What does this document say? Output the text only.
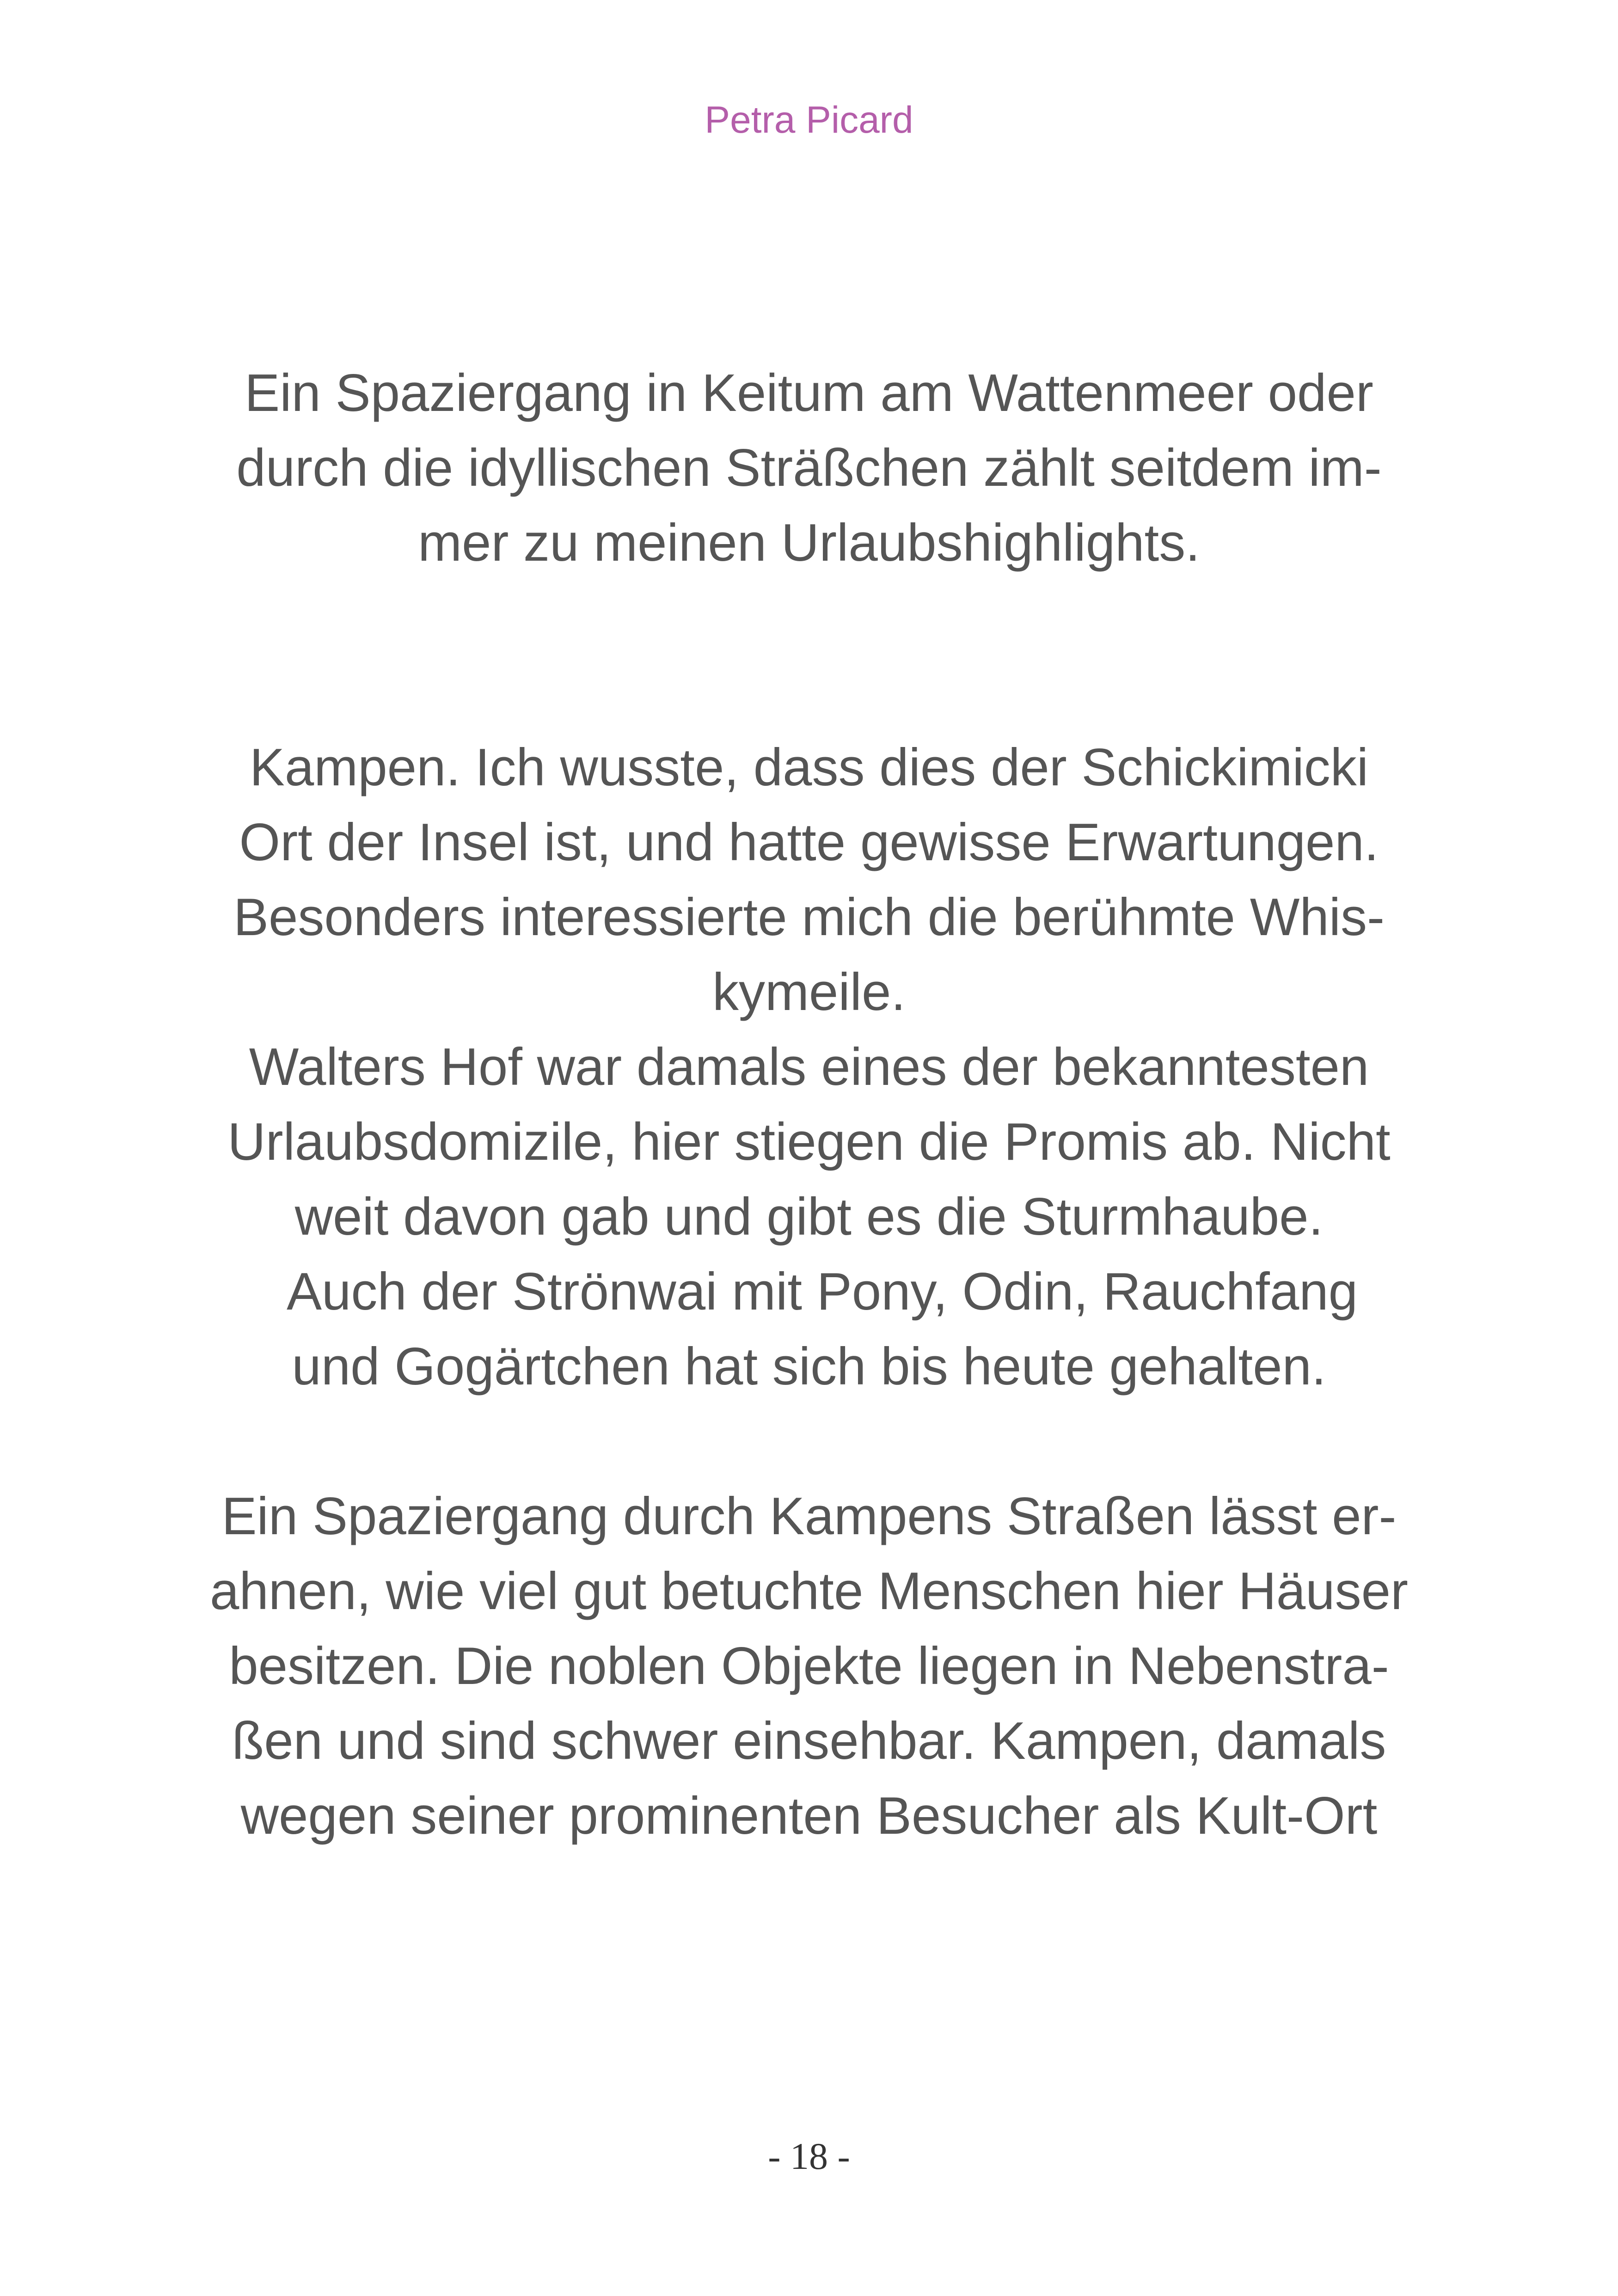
Petra Picard

Ein Spaziergang in Keitum am Wattenmeer oder
durch die idyllischen Sträßchen zählt seitdem im-
mer zu meinen Urlaubshighlights.

Kampen. Ich wusste, dass dies der Schickimicki
Ort der Insel ist, und hatte gewisse Erwartungen.
Besonders interessierte mich die berühmte Whis-
kymeile.
Walters Hof war damals eines der bekanntesten
Urlaubsdomizile, hier stiegen die Promis ab. Nicht
weit davon gab und gibt es die Sturmhaube.
Auch der Strönwai mit Pony, Odin, Rauchfang
und Gogärtchen hat sich bis heute gehalten.

Ein Spaziergang durch Kampens Straßen lässt er-
ahnen, wie viel gut betuchte Menschen hier Häuser
besitzen. Die noblen Objekte liegen in Nebenstra-
ßen und sind schwer einsehbar. Kampen, damals
wegen seiner prominenten Besucher als Kult-Ort

- 18 -
